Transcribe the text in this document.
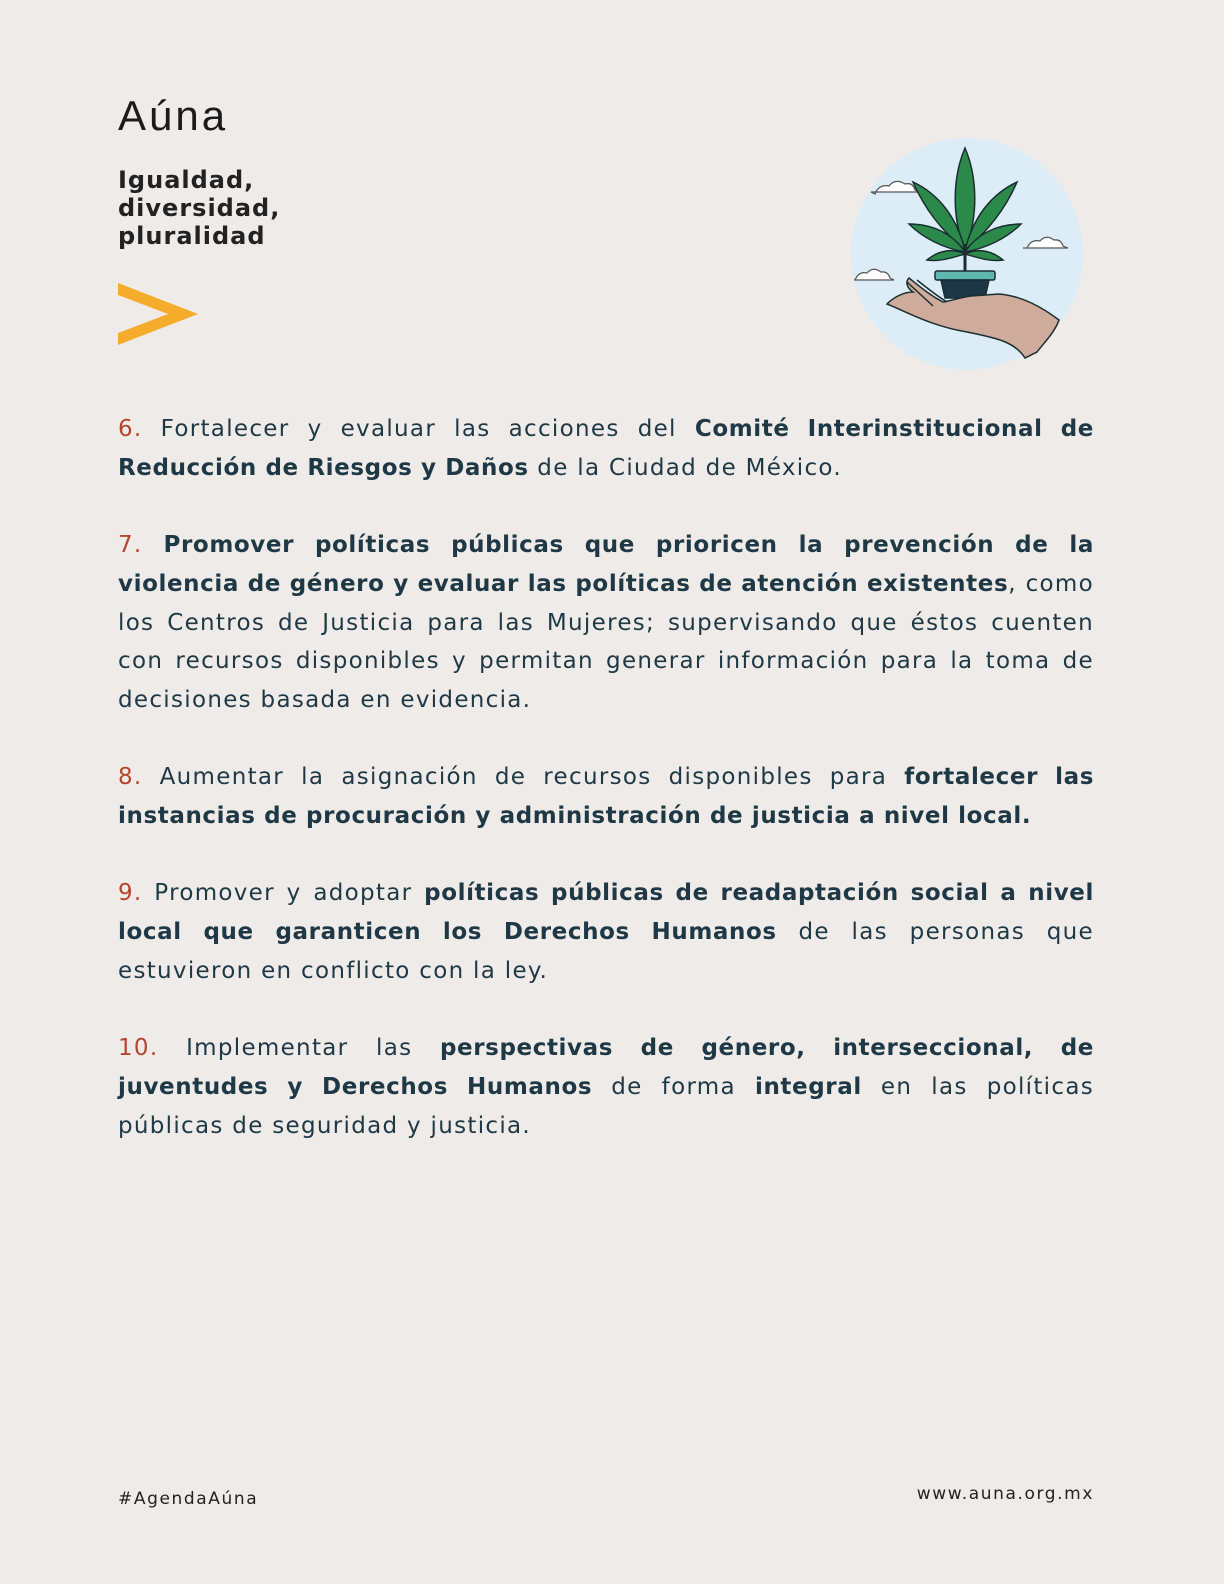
Aúna
Igualdad,
diversidad,
pluralidad

6. Fortalecer y evaluar las acciones del Comité Interinstitucional de Reducción de Riesgos y Daños de la Ciudad de México.

7. Promover políticas públicas que prioricen la prevención de la violencia de género y evaluar las políticas de atención existentes, como los Centros de Justicia para las Mujeres; supervisando que éstos cuenten con recursos disponibles y permitan generar información para la toma de decisiones basada en evidencia.

8. Aumentar la asignación de recursos disponibles para fortalecer las instancias de procuración y administración de justicia a nivel local.

9. Promover y adoptar políticas públicas de readaptación social a nivel local que garanticen los Derechos Humanos de las personas que estuvieron en conflicto con la ley.

10. Implementar las perspectivas de género, interseccional, de juventudes y Derechos Humanos de forma integral en las políticas públicas de seguridad y justicia.

#AgendaAúna	www.auna.org.mx
